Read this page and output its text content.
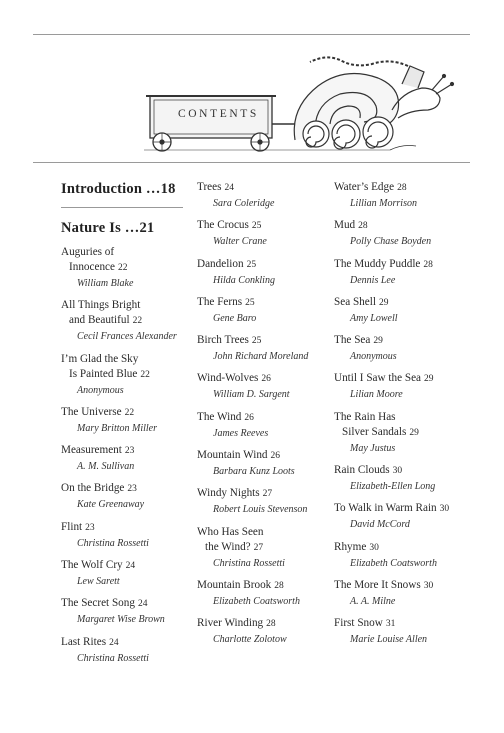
CONTENTS
Introduction …18
Nature Is …21
Auguries of
Innocence 22
William Blake
All Things Bright
and Beautiful 22
Cecil Frances Alexander
I’m Glad the Sky
Is Painted Blue 22
Anonymous
The Universe 22
Mary Britton Miller
Measurement 23
A. M. Sullivan
On the Bridge 23
Kate Greenaway
Flint 23
Christina Rossetti
The Wolf Cry 24
Lew Sarett
The Secret Song 24
Margaret Wise Brown
Last Rites 24
Christina Rossetti
Trees 24
Sara Coleridge
The Crocus 25
Walter Crane
Dandelion 25
Hilda Conkling
The Ferns 25
Gene Baro
Birch Trees 25
John Richard Moreland
Wind-Wolves 26
William D. Sargent
The Wind 26
James Reeves
Mountain Wind 26
Barbara Kunz Loots
Windy Nights 27
Robert Louis Stevenson
Who Has Seen
the Wind? 27
Christina Rossetti
Mountain Brook 28
Elizabeth Coatsworth
River Winding 28
Charlotte Zolotow
Water’s Edge 28
Lillian Morrison
Mud 28
Polly Chase Boyden
The Muddy Puddle 28
Dennis Lee
Sea Shell 29
Amy Lowell
The Sea 29
Anonymous
Until I Saw the Sea 29
Lilian Moore
The Rain Has
Silver Sandals 29
May Justus
Rain Clouds 30
Elizabeth-Ellen Long
To Walk in Warm Rain 30
David McCord
Rhyme 30
Elizabeth Coatsworth
The More It Snows 30
A. A. Milne
First Snow 31
Marie Louise Allen
